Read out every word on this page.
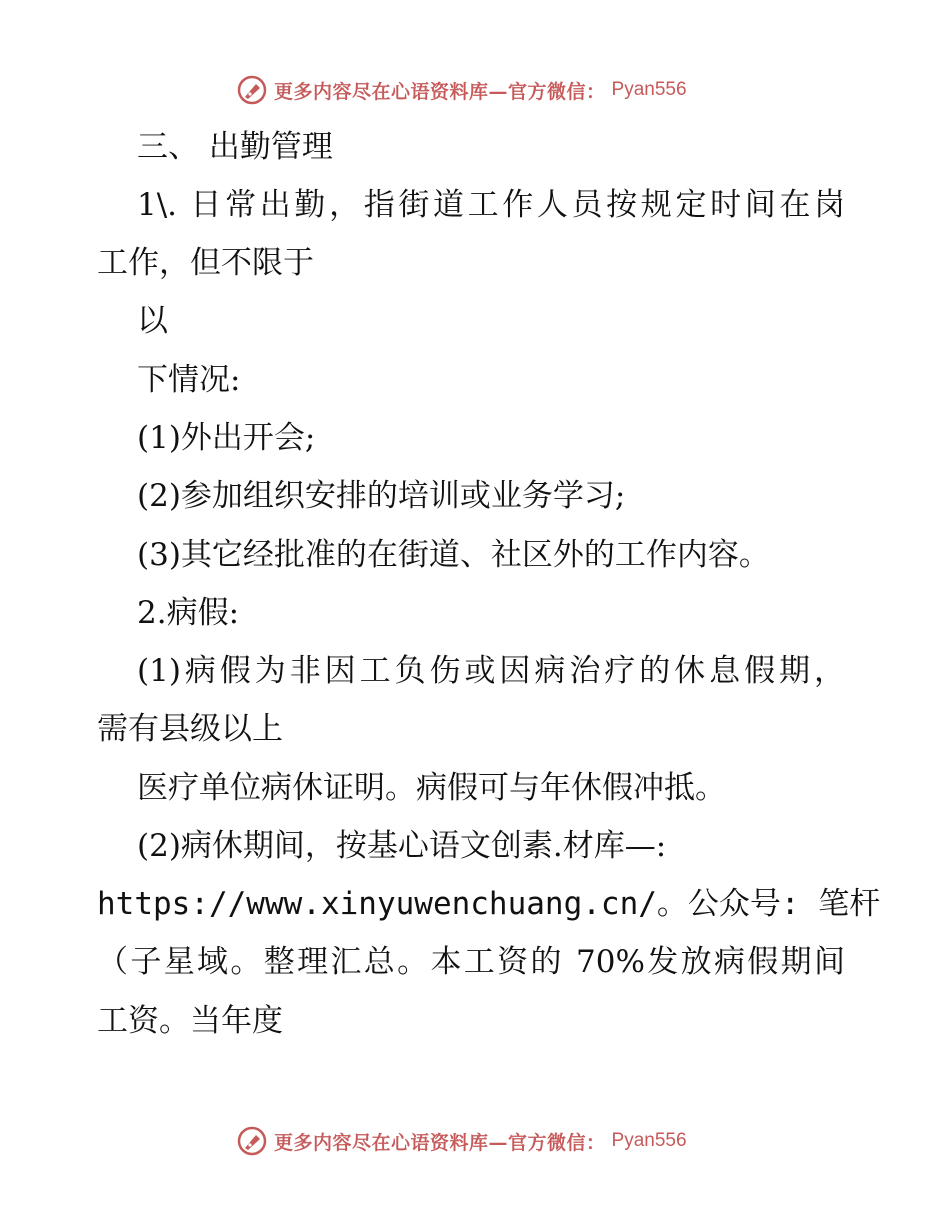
更多内容尽在心语资料库—官方微信： Pyan556
三、 出勤管理
1\. 日常出勤，指街道工作人员按规定时间在岗
工作，但不限于
以
下情况:
(1)外出开会;
(2)参加组织安排的培训或业务学习;
(3)其它经批准的在街道、社区外的工作内容。
2.病假:
(1)病假为非因工负伤或因病治疗的休息假期，
需有县级以上
医疗单位病休证明。病假可与年休假冲抵。
(2)病休期间，按基心语文创素.材库—:
https://www.xinyuwenchuang.cn/。公众号: 笔杆
（子星域。整理汇总。本工资的 70%发放病假期间
工资。当年度
更多内容尽在心语资料库—官方微信： Pyan556
